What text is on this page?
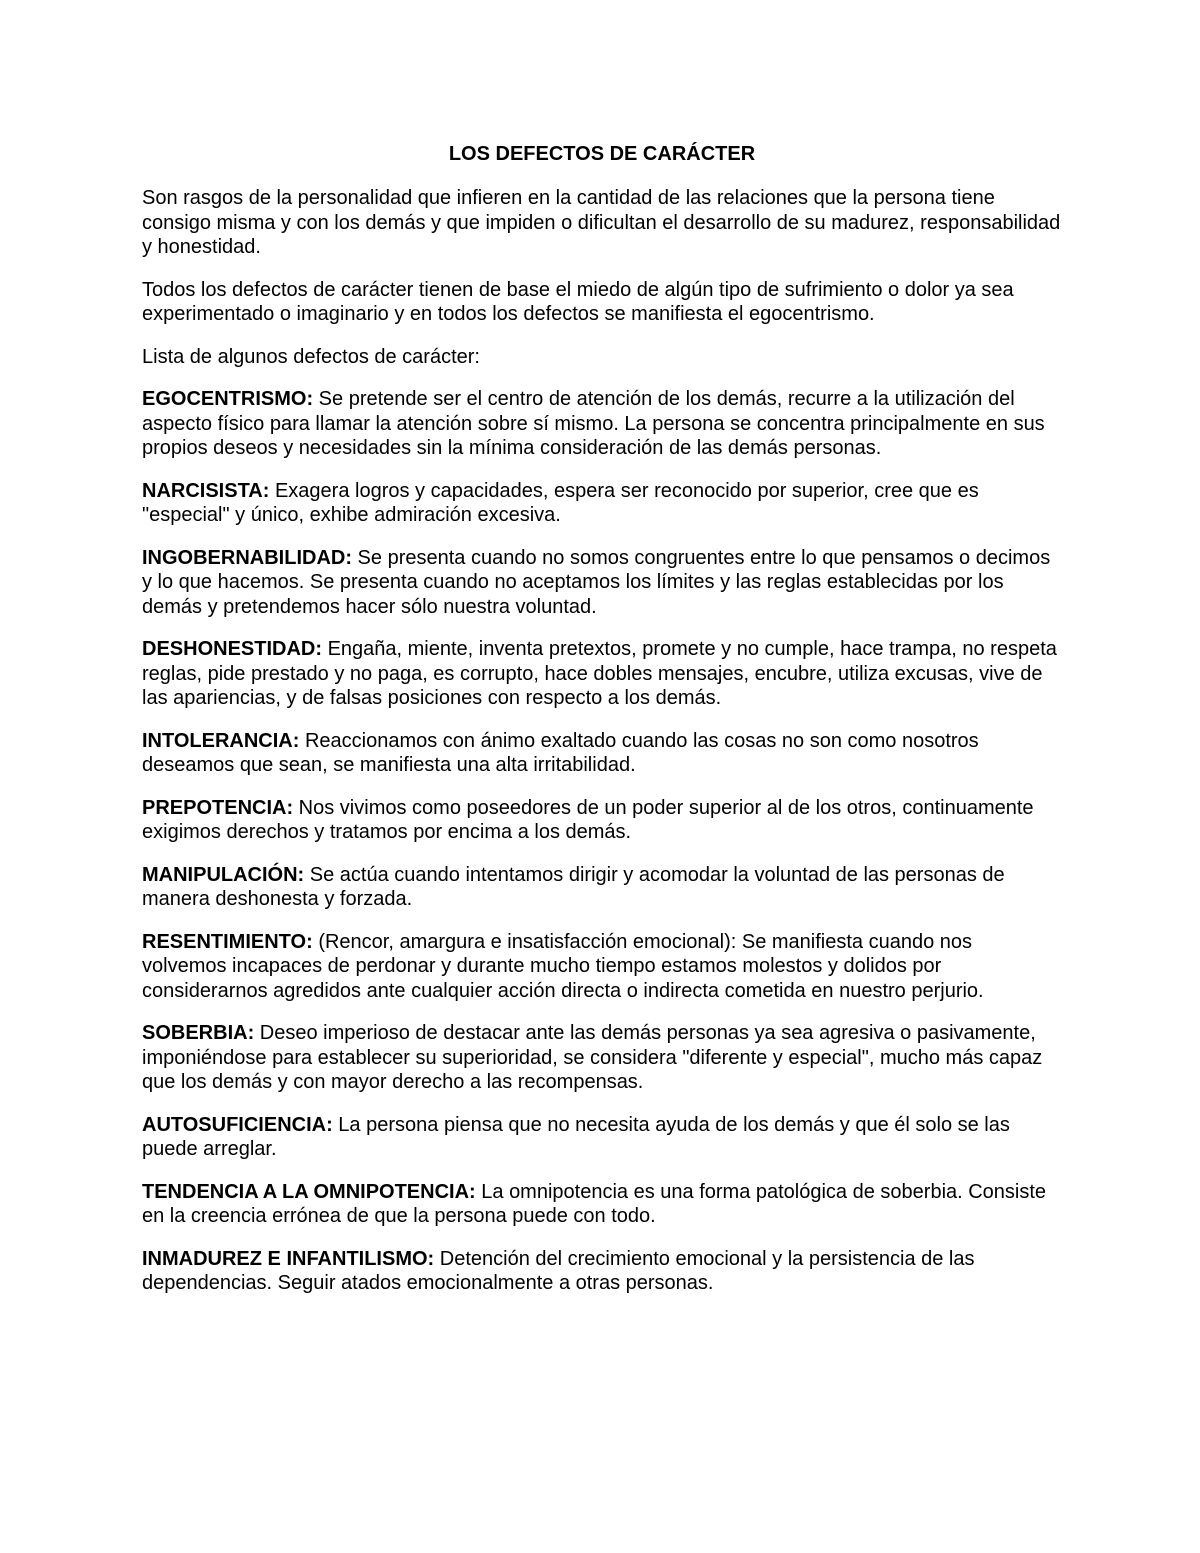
LOS DEFECTOS DE CARÁCTER

Son rasgos de la personalidad que infieren en la cantidad de las relaciones que la persona tiene consigo misma y con los demás y que impiden o dificultan el desarrollo de su madurez, responsabilidad y honestidad.

Todos los defectos de carácter tienen de base el miedo de algún tipo de sufrimiento o dolor ya sea experimentado o imaginario y en todos los defectos se manifiesta el egocentrismo.

Lista de algunos defectos de carácter:

EGOCENTRISMO: Se pretende ser el centro de atención de los demás, recurre a la utilización del aspecto físico para llamar la atención sobre sí mismo. La persona se concentra principalmente en sus propios deseos y necesidades sin la mínima consideración de las demás personas.

NARCISISTA: Exagera logros y capacidades, espera ser reconocido por superior, cree que es "especial" y único, exhibe admiración excesiva.

INGOBERNABILIDAD: Se presenta cuando no somos congruentes entre lo que pensamos o decimos y lo que hacemos. Se presenta cuando no aceptamos los límites y las reglas establecidas por los demás y pretendemos hacer sólo nuestra voluntad.

DESHONESTIDAD: Engaña, miente, inventa pretextos, promete y no cumple, hace trampa, no respeta reglas, pide prestado y no paga, es corrupto, hace dobles mensajes, encubre, utiliza excusas, vive de las apariencias, y de falsas posiciones con respecto a los demás.

INTOLERANCIA: Reaccionamos con ánimo exaltado cuando las cosas no son como nosotros deseamos que sean, se manifiesta una alta irritabilidad.

PREPOTENCIA: Nos vivimos como poseedores de un poder superior al de los otros, continuamente exigimos derechos y tratamos por encima a los demás.

MANIPULACIÓN: Se actúa cuando intentamos dirigir y acomodar la voluntad de las personas de manera deshonesta y forzada.

RESENTIMIENTO: (Rencor, amargura e insatisfacción emocional): Se manifiesta cuando nos volvemos incapaces de perdonar y durante mucho tiempo estamos molestos y dolidos por considerarnos agredidos ante cualquier acción directa o indirecta cometida en nuestro perjurio.

SOBERBIA: Deseo imperioso de destacar ante las demás personas ya sea agresiva o pasivamente, imponiéndose para establecer su superioridad, se considera "diferente y especial", mucho más capaz que los demás y con mayor derecho a las recompensas.

AUTOSUFICIENCIA: La persona piensa que no necesita ayuda de los demás y que él solo se las puede arreglar.

TENDENCIA A LA OMNIPOTENCIA: La omnipotencia es una forma patológica de soberbia. Consiste en la creencia errónea de que la persona puede con todo.

INMADUREZ E INFANTILISMO: Detención del crecimiento emocional y la persistencia de las dependencias. Seguir atados emocionalmente a otras personas.
